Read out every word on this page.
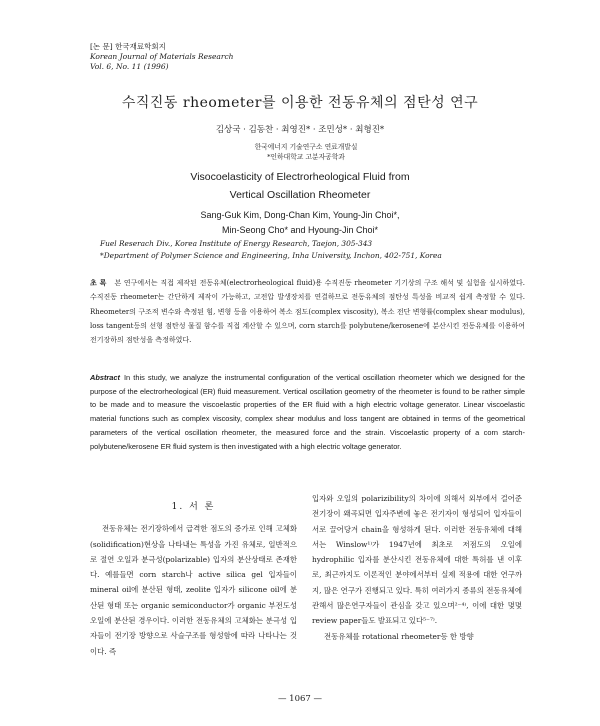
[논 문] 한국재료학회지
Korean Journal of Materials Research
Vol. 6, No. 11 (1996)
수직진동 rheometer를 이용한 전동유체의 점탄성 연구
김상국 · 김동찬 · 최영진* · 조민성* · 최형진*
한국에너지 기술연구소 연료개발실
*인하대학교 고분자공학과
Visocoelasticity of Electrorheological Fluid from
Vertical Oscillation Rheometer
Sang-Guk Kim, Dong-Chan Kim, Young-Jin Choi*,
Min-Seong Cho* and Hyoung-Jin Choi*
Fuel Reserach Div., Korea Institute of Energy Research, Taejon, 305-343
*Department of Polymer Science and Engineering, Inha University, Inchon, 402-751, Korea
초 록 본 연구에서는 직접 제작된 전동유체(electrorheological fluid)용 수직진동 rheometer 기기상의 구조 해석 및 실험을 실시하였다. 수직진동 rheometer는 간단하게 제작이 가능하고, 고전압 발생장치를 연결하므로 전동유체의 점탄성 특성을 비교적 쉽게 측정할 수 있다. Rheometer의 구조적 변수와 측정된 힘, 변형 등을 이용하여 복소 점도(complex viscosity), 복소 전단 변형률(complex shear modulus), loss tangent등의 선형 점탄성 물질 함수를 직접 계산할 수 있으며, corn starch를 polybutene/kerosene에 분산시킨 전동유체를 이용하여 전기장하의 점탄성을 측정하였다.
Abstract In this study, we analyze the instrumental configuration of the vertical oscillation rheometer which we designed for the purpose of the electrorheological (ER) fluid measurement. Vertical oscillation geometry of the rheometer is found to be rather simple to be made and to measure the viscoelastic properties of the ER fluid with a high electric voltage generator. Linear viscoelastic material functions such as complex viscosity, complex shear modulus and loss tangent are obtained in terms of the geometrical parameters of the vertical oscillation rheometer, the measured force and the strain. Viscoelastic property of a corn starch-polybutene/kerosene ER fluid system is then investigated with a high electric voltage generator.
1. 서 론

전동유체는 전기장하에서 급격한 점도의 증가로 인해 고체화(solidification)현상을 나타내는 특성을 가진 유체로, 일반적으로 절연 오일과 분극성(polarizable) 입자의 분산상태로 존재한다. 예를들면 corn starch나 active silica gel 입자들이 mineral oil에 분산된 형태, zeolite 입자가 silicone oil에 분산된 형태 또는 organic semiconductor가 organic 부전도성 오일에 분산된 경우이다. 이러한 전동유체의 고체화는 분극성 입자들이 전기장 방향으로 사슬구조를 형성함에 따라 나타나는 것이다. 즉

입자와 오일의 polarizibility의 차이에 의해서 외부에서 걸어준 전기장이 왜곡되면 입자주변에 놓은 전기자이 형성되어 입자들이 서로 끌어당겨 chain을 형성하게 된다. 이러한 전동유체에 대해서는 Winslow¹⁾가 1947년에 최초로 저점도의 오일에 hydrophilic 입자를 분산시킨 전동유체에 대한 특허를 낸 이후로, 최근까지도 이론적인 분야에서부터 실제 적용에 대한 연구까지, 많은 연구가 진행되고 있다. 특히 여러가지 종류의 전동유체에 관해서 많은연구자들이 관심을 갖고 있으며²⁻⁴⁾, 이에 대한 몇몇 review paper들도 발표되고 있다⁵⁻⁷⁾.

전동유체를 rotational rheometer등 한 방향

— 1067 —
